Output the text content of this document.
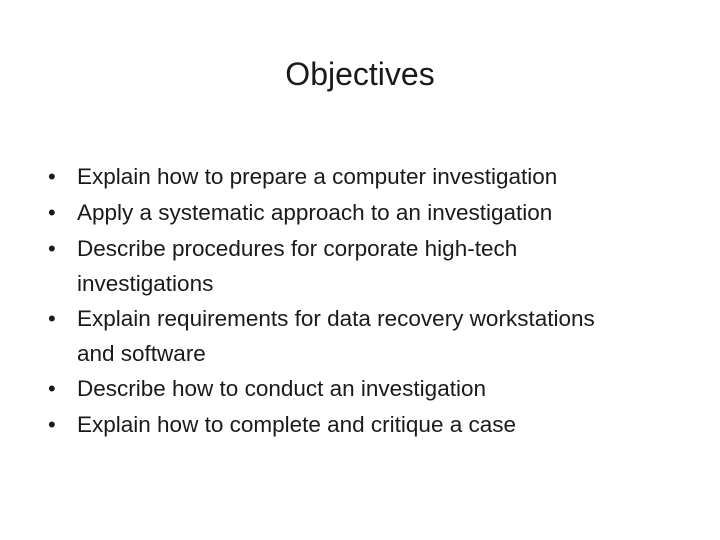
Objectives
• Explain how to prepare a computer investigation
• Apply a systematic approach to an investigation
• Describe procedures for corporate high-tech investigations
• Explain requirements for data recovery workstations and software
• Describe how to conduct an investigation
• Explain how to complete and critique a case
